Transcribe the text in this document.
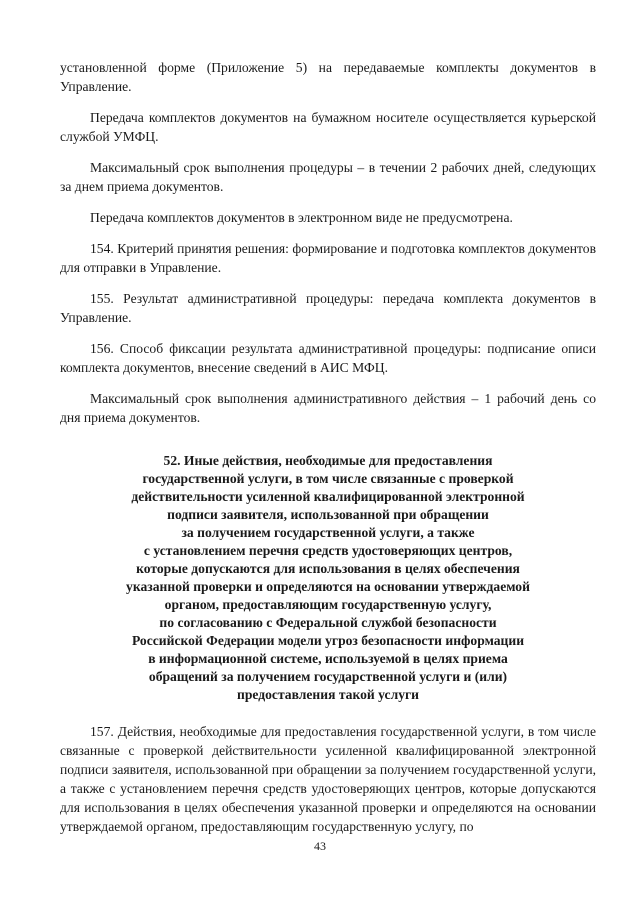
установленной форме (Приложение 5) на передаваемые комплекты документов в Управление.

Передача комплектов документов на бумажном носителе осуществляется курьерской службой УМФЦ.

Максимальный срок выполнения процедуры – в течении 2 рабочих дней, следующих за днем приема документов.

Передача комплектов документов в электронном виде не предусмотрена.

154. Критерий принятия решения: формирование и подготовка комплектов документов для отправки в Управление.

155. Результат административной процедуры: передача комплекта документов в Управление.

156. Способ фиксации результата административной процедуры: подписание описи комплекта документов, внесение сведений в АИС МФЦ.

Максимальный срок выполнения административного действия – 1 рабочий день со дня приема документов.

52. Иные действия, необходимые для предоставления
государственной услуги, в том числе связанные с проверкой
действительности усиленной квалифицированной электронной
подписи заявителя, использованной при обращении
за получением государственной услуги, а также
с установлением перечня средств удостоверяющих центров,
которые допускаются для использования в целях обеспечения
указанной проверки и определяются на основании утверждаемой
органом, предоставляющим государственную услугу,
по согласованию с Федеральной службой безопасности
Российской Федерации модели угроз безопасности информации
в информационной системе, используемой в целях приема
обращений за получением государственной услуги и (или)
предоставления такой услуги

157. Действия, необходимые для предоставления государственной услуги, в том числе связанные с проверкой действительности усиленной квалифицированной электронной подписи заявителя, использованной при обращении за получением государственной услуги, а также с установлением перечня средств удостоверяющих центров, которые допускаются для использования в целях обеспечения указанной проверки и определяются на основании утверждаемой органом, предоставляющим государственную услугу, по

43
